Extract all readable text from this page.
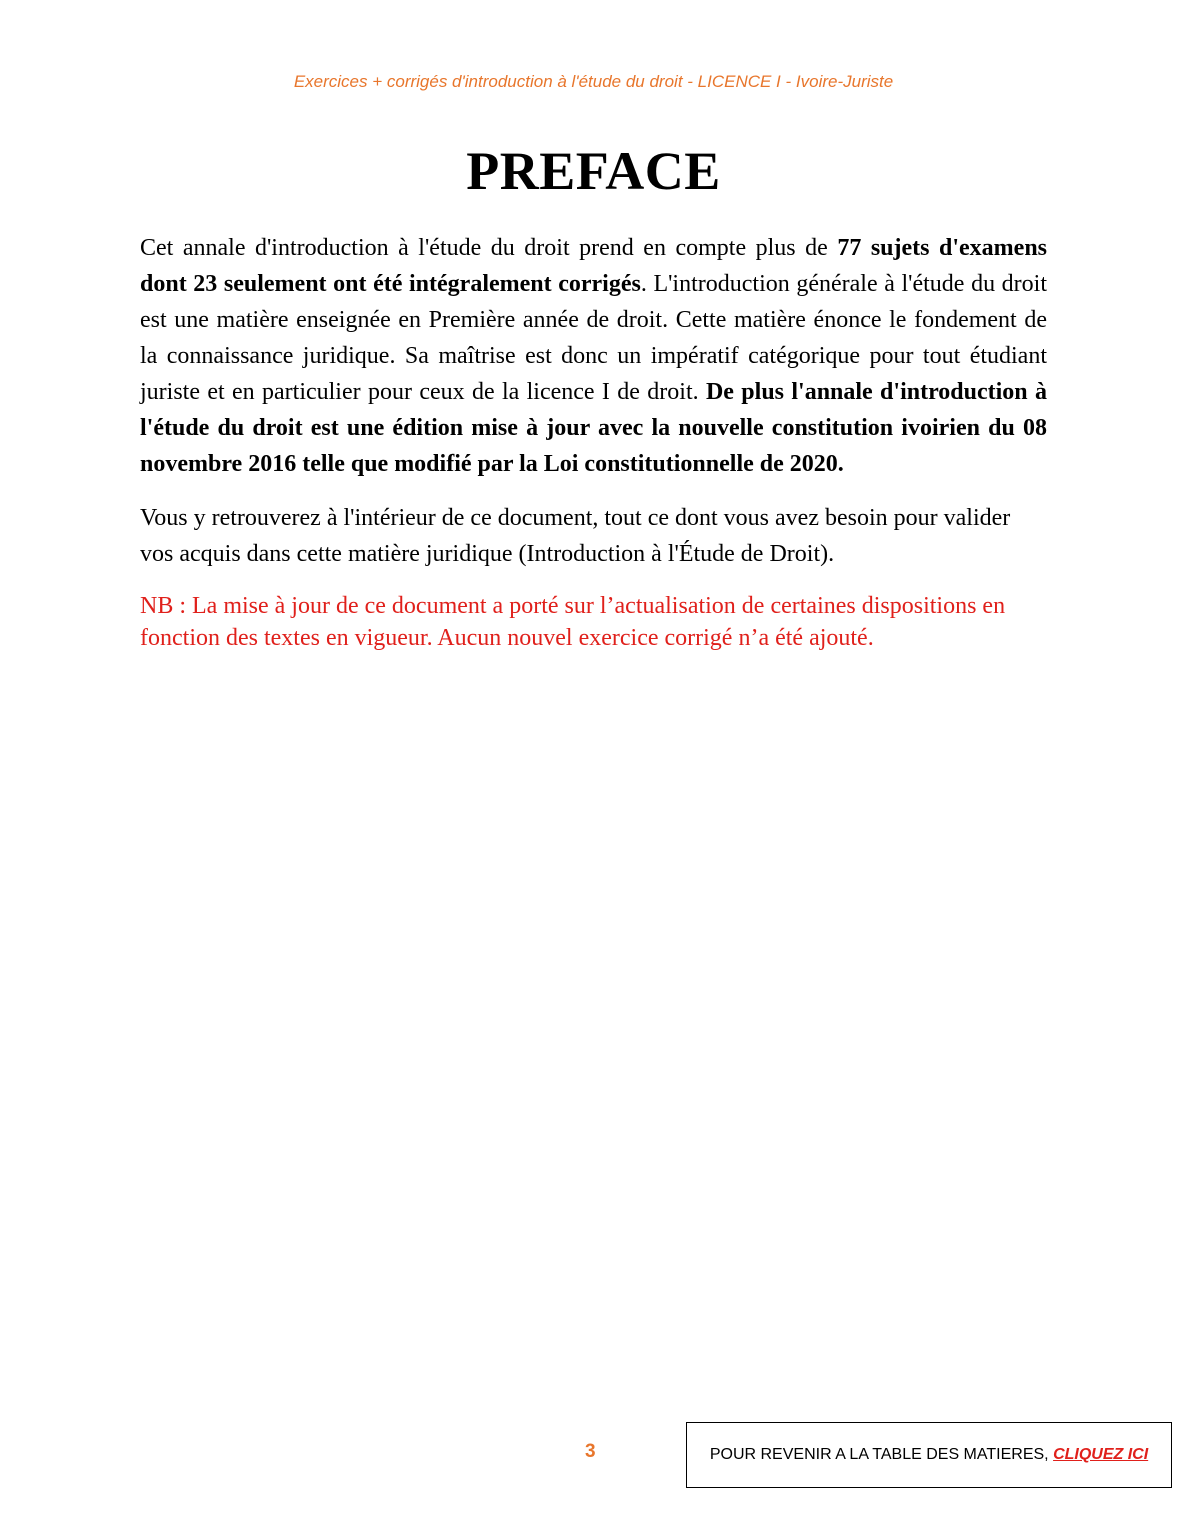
Exercices + corrigés d'introduction à l'étude du droit - LICENCE I - Ivoire-Juriste
PREFACE

Cet annale d'introduction à l'étude du droit prend en compte plus de 77 sujets d'examens dont 23 seulement ont été intégralement corrigés. L'introduction générale à l'étude du droit est une matière enseignée en Première année de droit. Cette matière énonce le fondement de la connaissance juridique. Sa maîtrise est donc un impératif catégorique pour tout étudiant juriste et en particulier pour ceux de la licence I de droit. De plus l'annale d'introduction à l'étude du droit est une édition mise à jour avec la nouvelle constitution ivoirien du 08 novembre 2016 telle que modifié par la Loi constitutionnelle de 2020.

Vous y retrouverez à l'intérieur de ce document, tout ce dont vous avez besoin pour valider vos acquis dans cette matière juridique (Introduction à l'Étude de Droit).

NB : La mise à jour de ce document a porté sur l’actualisation de certaines dispositions en fonction des textes en vigueur. Aucun nouvel exercice corrigé n’a été ajouté.

3	POUR REVENIR A LA TABLE DES MATIERES,
CLIQUEZ ICI
